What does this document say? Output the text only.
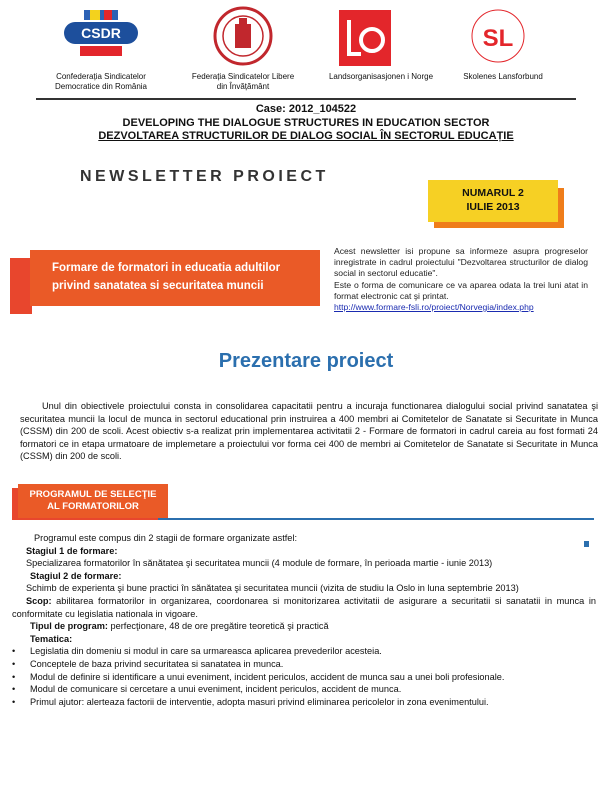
CSDR	SL
Confederația Sindicatelor
Democratice din România
Federația Sindicatelor Libere
din Învățământ
Landsorganisasjonen i Norge	Skolenes Lansforbund
Case: 2012_104522
DEVELOPING THE DIALOGUE STRUCTURES IN EDUCATION SECTOR
DEZVOLTAREA STRUCTURILOR DE DIALOG SOCIAL ÎN SECTORUL EDUCAȚIE
NEWSLETTER PROIECT
NUMARUL 2
IULIE 2013
Formare de formatori in educatia adultilor
privind sanatatea si securitatea muncii

Acest newsletter isi propune sa informeze asupra progreselor inregistrate in cadrul proiectului "Dezvoltarea structurilor de dialog social in sectorul educatie".

Este o forma de comunicare ce va aparea odata la trei luni atat in format electronic cat şi printat.

http://www.formare-fsli.ro/proiect/Norvegia/index.php

Prezentare proiect
Unul din obiectivele proiectului consta in consolidarea capacitatii pentru a incuraja functionarea dialogului social privind sanatatea şi securitatea muncii la locul de munca in sectorul educational prin instruirea a 400 membri ai Comitetelor de Sanatate si Securitate in Munca (CSSM) din 200 de scoli. Acest obiectiv s-a realizat prin implementarea activitatii 2 - Formare de formatori in cadrul careia au fost formati 24 formatori ce in etapa urmatoare de implemetare a proiectului vor forma cei 400 de membri ai Comitetelor de Sanatate si Securitate in Munca (CSSM) din 200 de scoli.
PROGRAMUL DE SELECŢIE
AL FORMATORILOR
Programul este compus din 2 stagii de formare organizate astfel:
Stagiul 1 de formare:
Specializarea formatorilor în sănătatea şi securitatea muncii (4 module de formare, în perioada martie - iunie 2013)
Stagiul 2 de formare:
Schimb de experienta şi bune practici în sănătatea şi securitatea muncii (vizita de studiu la Oslo in luna septembrie 2013)
Scop: abilitarea formatorilor in organizarea, coordonarea si monitorizarea activitatii de asigurare a securitatii si sanatatii in munca in conformitate cu legislatia nationala in vigoare.
Tipul de program: perfecţionare, 48 de ore pregătire teoretică şi practică
Tematica:
• Legislatia din domeniu si modul in care sa urmareasca aplicarea prevederilor acesteia.
• Conceptele de baza privind securitatea si sanatatea in munca.
• Modul de definire si identificare a unui eveniment, incident periculos, accident de munca sau a unei boli profesionale.
• Modul de comunicare si cercetare a unui eveniment, incident periculos, accident de munca.
• Primul ajutor: alerteaza factorii de interventie, adopta masuri privind eliminarea pericolelor in zona evenimentului.
